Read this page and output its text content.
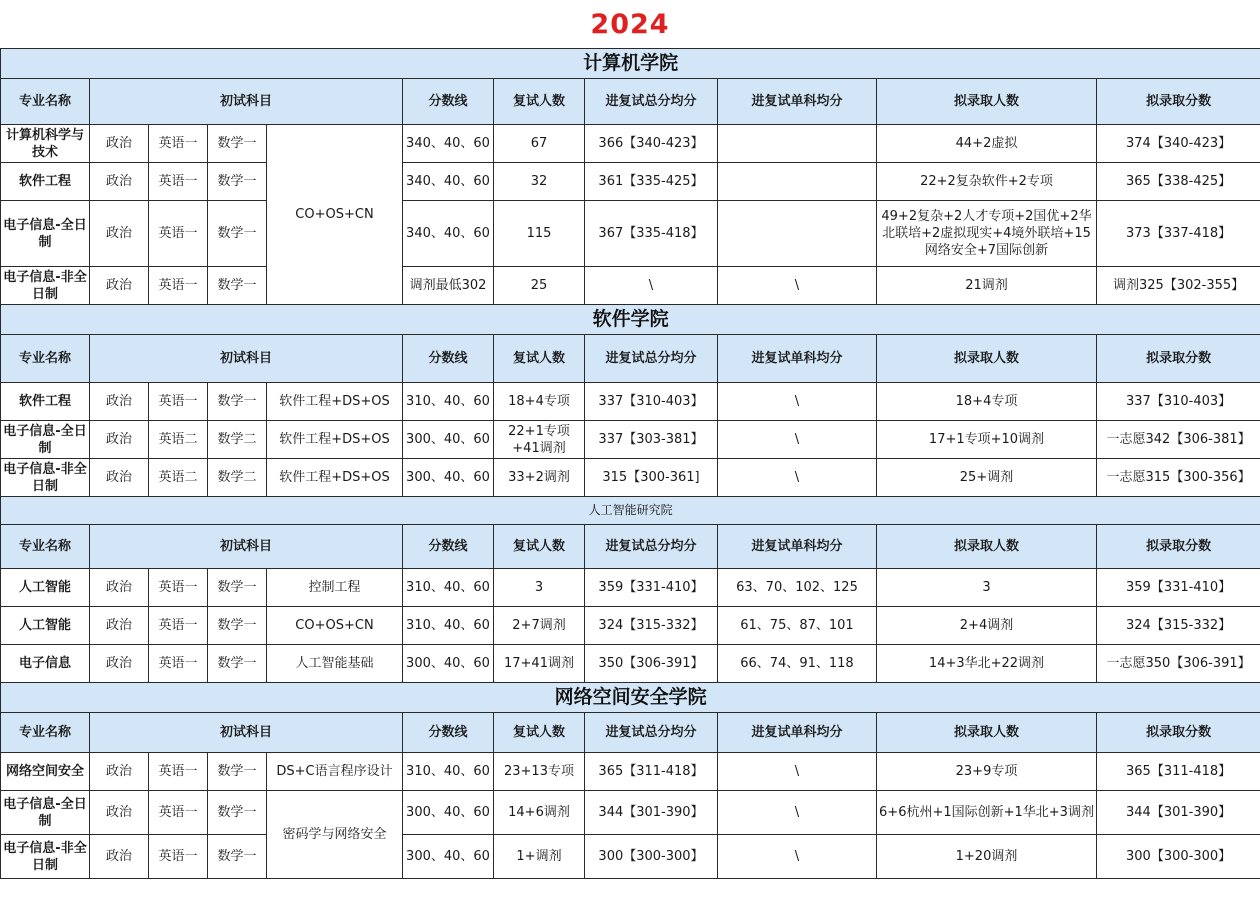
2024
计算机学院										
专业名称	初试科目				分数线	复试人数	进复试总分均分	进复试单科均分	拟录取人数	拟录取分数
计算机科学与技术	政治	英语一	数学一	CO+OS+CN	340、40、60	67	366【340-423】		44+2虚拟	374【340-423】
软件工程	政治	英语一	数学一		340、40、60	32	361【335-425】		22+2复杂软件+2专项	365【338-425】
电子信息-全日制	政治	英语一	数学一		340、40、60	115	367【335-418】		49+2复杂+2人才专项+2国优+2华北联培+2虚拟现实+4境外联培+15网络安全+7国际创新	373【337-418】
电子信息-非全日制	政治	英语一	数学一		调剂最低302	25	\	\	21调剂	调剂325【302-355】
软件学院										
专业名称	初试科目				分数线	复试人数	进复试总分均分	进复试单科均分	拟录取人数	拟录取分数
软件工程	政治	英语一	数学一	软件工程+DS+OS	310、40、60	18+4专项	337【310-403】	\	18+4专项	337【310-403】
电子信息-全日制	政治	英语二	数学二	软件工程+DS+OS	300、40、60	22+1专项+41调剂	337【303-381】	\	17+1专项+10调剂	一志愿342【306-381】
电子信息-非全日制	政治	英语二	数学二	软件工程+DS+OS	300、40、60	33+2调剂	315【300-361]	\	25+调剂	一志愿315【300-356】
人工智能研究院										
专业名称	初试科目				分数线	复试人数	进复试总分均分	进复试单科均分	拟录取人数	拟录取分数
人工智能	政治	英语一	数学一	控制工程	310、40、60	3	359【331-410】	63、70、102、125	3	359【331-410】
人工智能	政治	英语一	数学一	CO+OS+CN	310、40、60	2+7调剂	324【315-332】	61、75、87、101	2+4调剂	324【315-332】
电子信息	政治	英语一	数学一	人工智能基础	300、40、60	17+41调剂	350【306-391】	66、74、91、118	14+3华北+22调剂	一志愿350【306-391】
网络空间安全学院										
专业名称	初试科目				分数线	复试人数	进复试总分均分	进复试单科均分	拟录取人数	拟录取分数
网络空间安全	政治	英语一	数学一	DS+C语言程序设计	310、40、60	23+13专项	365【311-418】	\	23+9专项	365【311-418】
电子信息-全日制	政治	英语一	数学一	密码学与网络安全	300、40、60	14+6调剂	344【301-390】	\	6+6杭州+1国际创新+1华北+3调剂	344【301-390】
电子信息-非全日制	政治	英语一	数学一		300、40、60	1+调剂	300【300-300】	\	1+20调剂	300【300-300】
